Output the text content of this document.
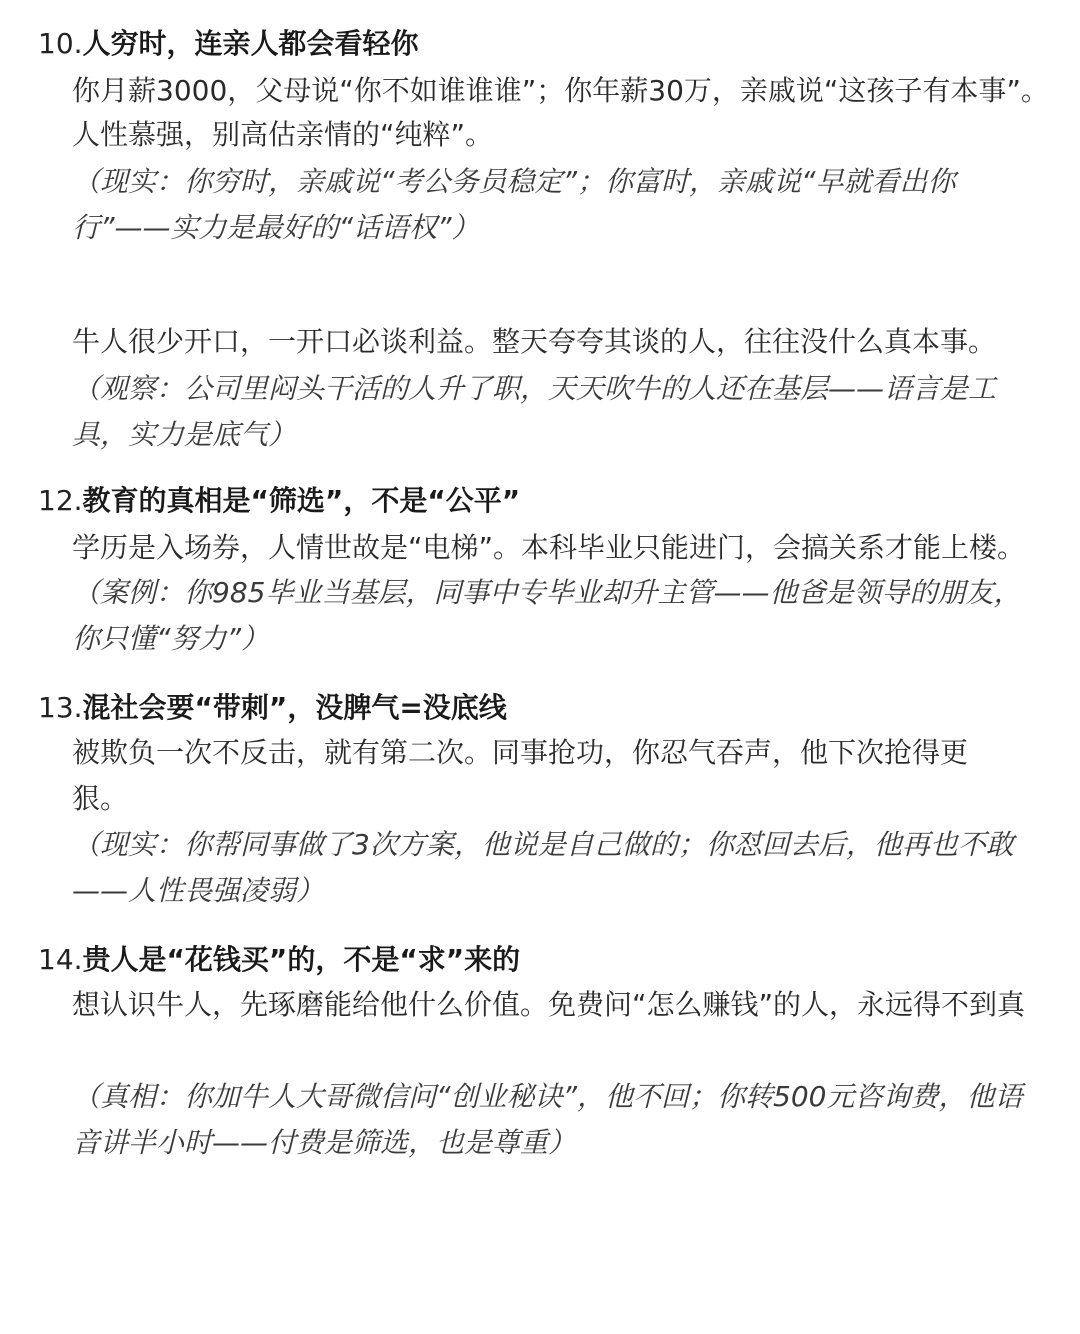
10.人穷时，连亲人都会看轻你
你月薪3000，父母说“你不如谁谁谁”；你年薪30万，亲戚说“这孩子有本事”。
人性慕强，别高估亲情的“纯粹”。
（现实：你穷时，亲戚说“考公务员稳定”；你富时，亲戚说“早就看出你
行”——实力是最好的“话语权”）
牛人很少开口，一开口必谈利益。整天夸夸其谈的人，往往没什么真本事。
（观察：公司里闷头干活的人升了职，天天吹牛的人还在基层——语言是工
具，实力是底气）
12.教育的真相是“筛选”，不是“公平”
学历是入场券，人情世故是“电梯”。本科毕业只能进门，会搞关系才能上楼。
（案例：你985毕业当基层，同事中专毕业却升主管——他爸是领导的朋友，
你只懂“努力”）
13.混社会要“带刺”，没脾气=没底线
被欺负一次不反击，就有第二次。同事抢功，你忍气吞声，他下次抢得更
狠。
（现实：你帮同事做了3次方案，他说是自己做的；你怼回去后，他再也不敢
——人性畏强凌弱）
14.贵人是“花钱买”的，不是“求”来的
想认识牛人，先琢磨能给他什么价值。免费问“怎么赚钱”的人，永远得不到真
（真相：你加牛人大哥微信问“创业秘诀”，他不回；你转500元咨询费，他语
音讲半小时——付费是筛选，也是尊重）
